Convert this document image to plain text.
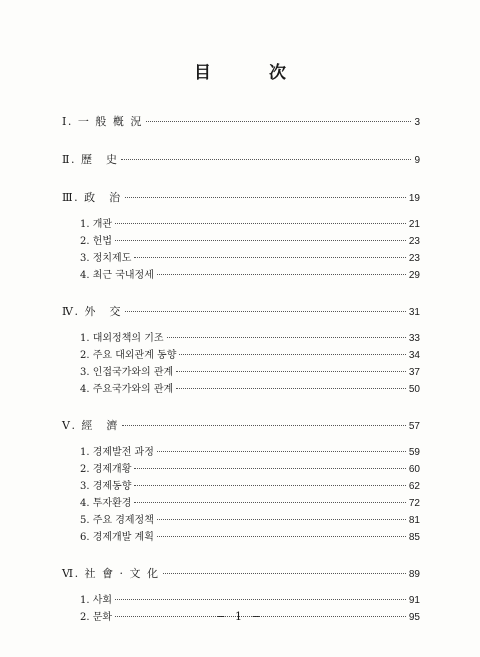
目 次
Ⅰ. 一 般 槪 況	3
Ⅱ. 歷　史	9
Ⅲ. 政　治	19
1. 개관	21
2. 헌법	23
3. 정치제도	23
4. 최근 국내정세	29
Ⅳ. 外　交	31
1. 대외정책의 기조	33
2. 주요 대외관계 동향	34
3. 인접국가와의 관계	37
4. 주요국가와의 관계	50
Ⅴ. 經　濟	57
1. 경제발전 과정	59
2. 경제개황	60
3. 경제동향	62
4. 투자환경	72
5. 주요 경제정책	81
6. 경제개발 계획	85
Ⅵ. 社 會 · 文 化	89
1. 사회	91
2. 문화	95
− 1 −
